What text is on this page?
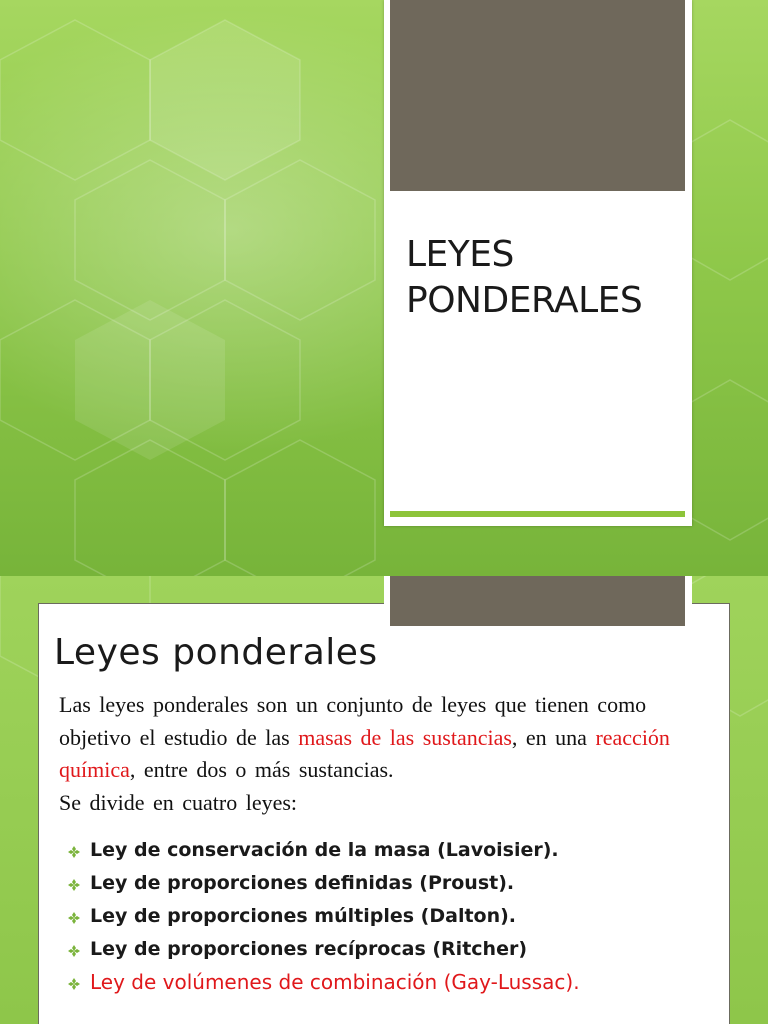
LEYES
PONDERALES
Leyes ponderales
Las leyes ponderales son un conjunto de leyes que tienen como objetivo el estudio de las masas de las sustancias, en una reacción química, entre dos o más sustancias.
Se divide en cuatro leyes:
Ley de conservación de la masa (Lavoisier).
Ley de proporciones definidas (Proust).
Ley de proporciones múltiples (Dalton).
Ley de proporciones recíprocas (Ritcher)
Ley de volúmenes de combinación (Gay-Lussac).
